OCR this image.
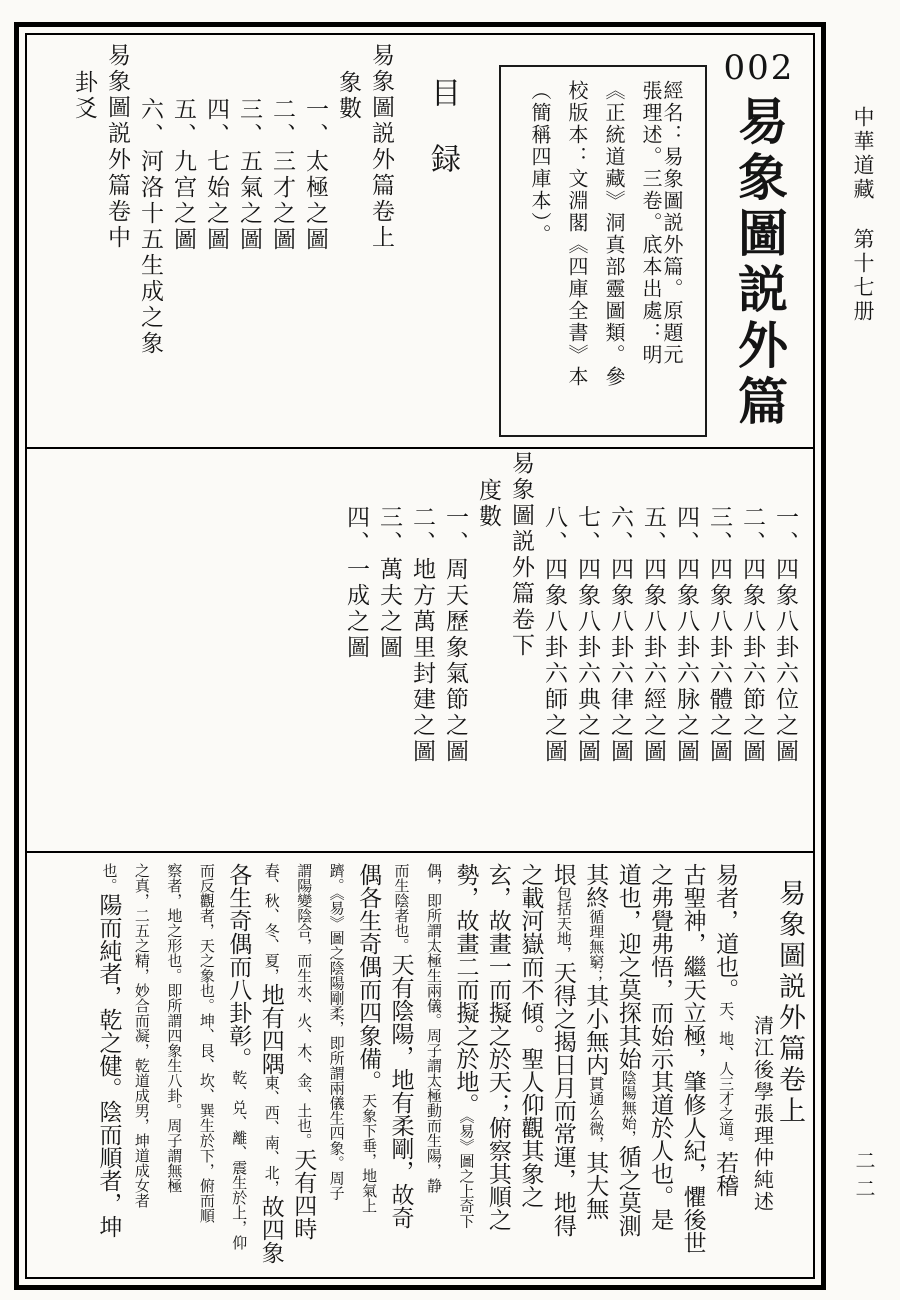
中華道藏第十七册
二二
002
易象圖説外篇

經名：易象圖説外篇。原題元

張理述。三卷。底本出處：明

《正統道藏》洞真部靈圖類。參

校版本：文淵閣《四庫全書》本

（簡稱四庫本）。

目録

易象圖説外篇卷上

象數

一、太極之圖

二、三才之圖

三、五氣之圖

四、七始之圖

五、九宫之圖

六、河洛十五生成之象

易象圖説外篇卷中

卦爻

一、四象八卦六位之圖

二、四象八卦六節之圖

三、四象八卦六體之圖

四、四象八卦六脉之圖

五、四象八卦六經之圖

六、四象八卦六律之圖

七、四象八卦六典之圖

八、四象八卦六師之圖

易象圖説外篇卷下

度數

一、周天歷象氣節之圖

二、地方萬里封建之圖

三、萬夫之圖

四、一成之圖

易象圖説外篇卷上

清江後學張理仲純述

易者，道也。天、地、人三才之道。若稽

古聖神，繼天立極，肇修人紀，懼後世

之弗覺弗悟，而始示其道於人也。是

道也，迎之莫探其始陰陽無始，循之莫測

其終循理無窮；其小無内貫通么微，其大無

垠包括天地，天得之揭日月而常運，地得

之載河嶽而不傾。聖人仰觀其象之

玄，故畫一而擬之於天；俯察其順之

勢，故畫二而擬之於地。《易》圖之上奇下

偶，即所謂太極生兩儀。周子謂太極動而生陽，静

而生陰者也。天有陰陽，地有柔剛，故奇

偶各生奇偶而四象備。天象下垂，地氣上

躋。《易》圖之陰陽剛柔，即所謂兩儀生四象。周子

謂陽變陰合，而生水、火、木、金、土也。天有四時

春、秋、冬、夏，地有四隅東、西、南、北，故四象

各生奇偶而八卦彰。乾、兑、離、震生於上，仰

而反觀者，天之象也。坤、艮、坎、巽生於下，俯而順

察者，地之形也。即所謂四象生八卦。周子謂無極

之真，二五之精，妙合而凝，乾道成男，坤道成女者

也。陽而純者，乾之健。陰而順者，坤
